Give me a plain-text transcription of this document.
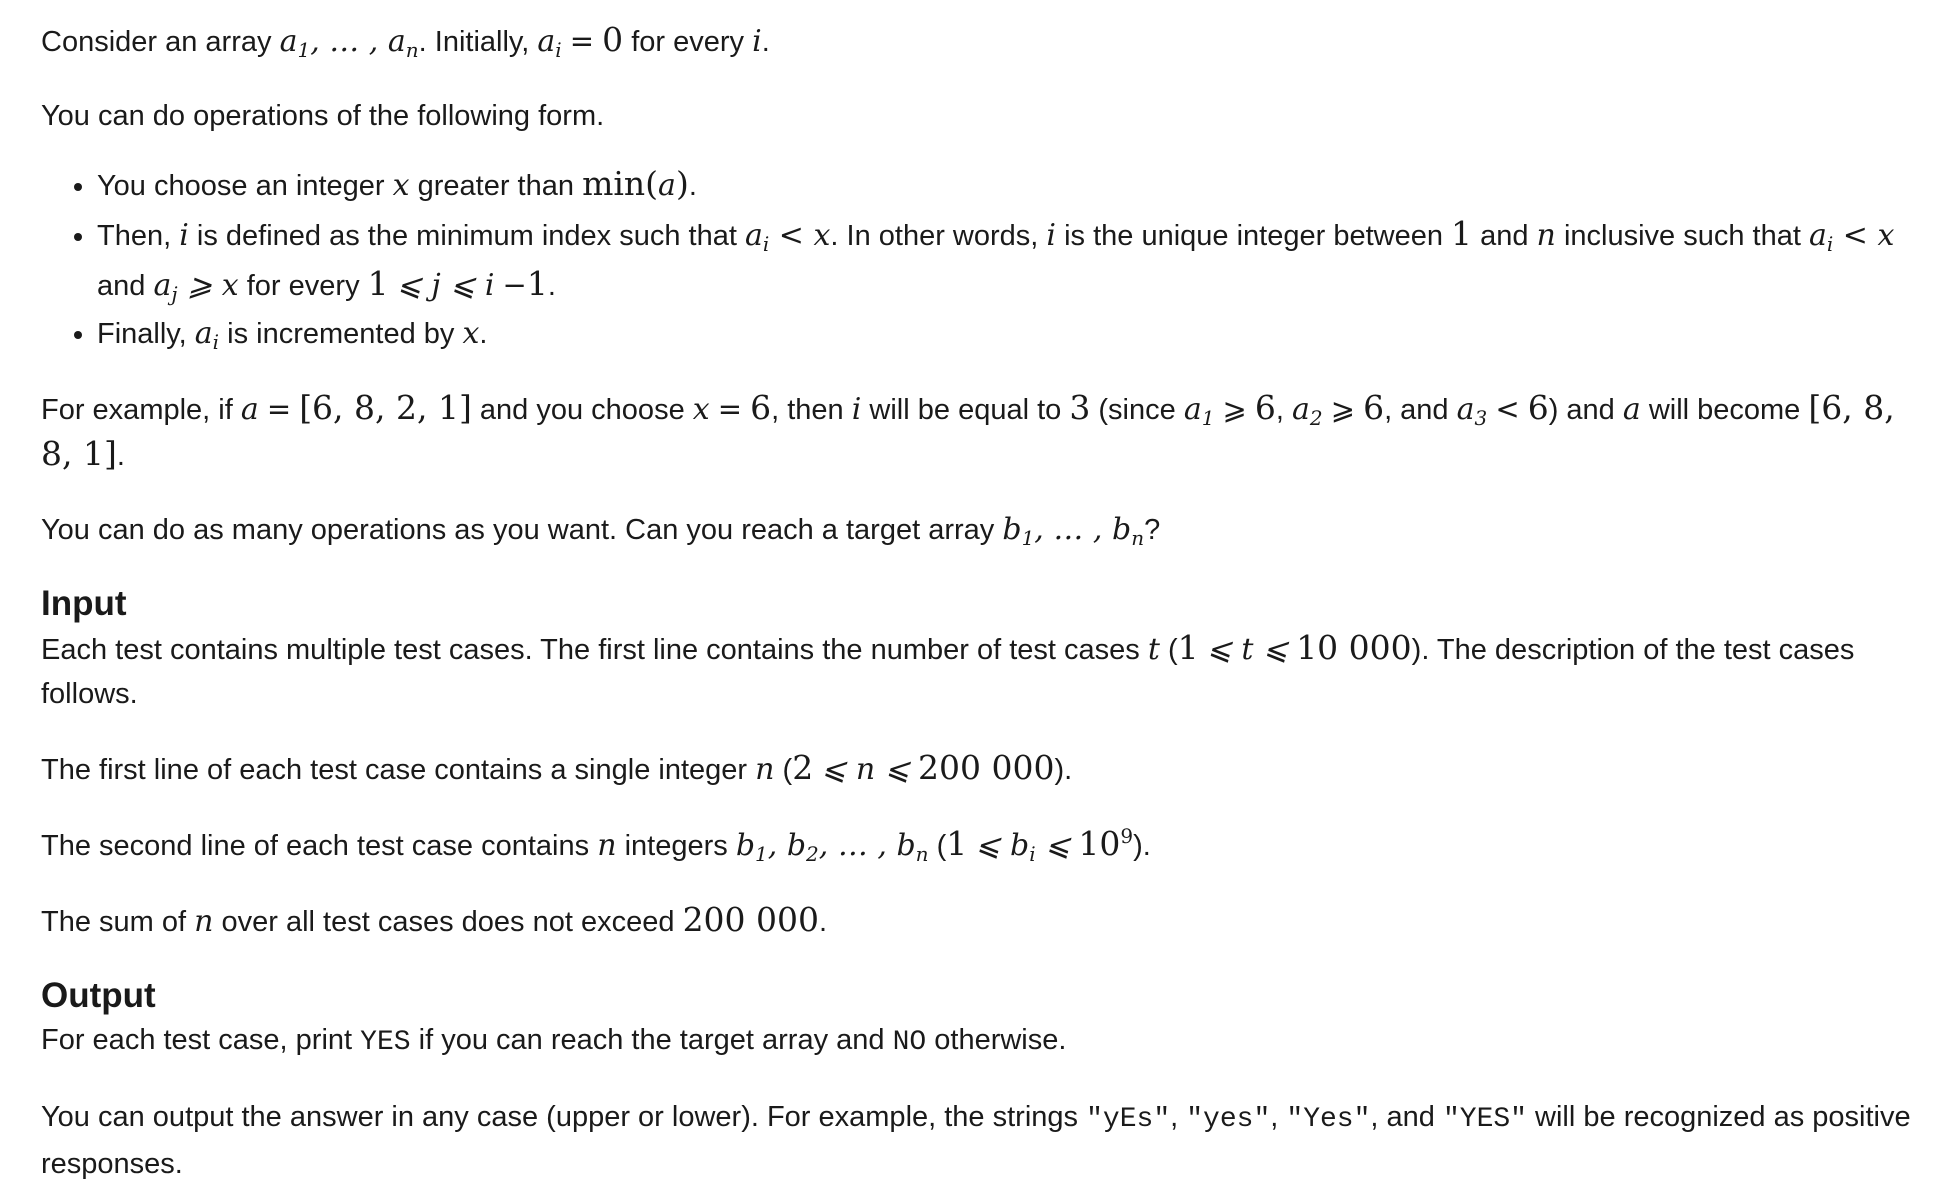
Consider an array $a_1$, … , $a_n$. Initially, $a_i = 0$ for every i.

You can do operations of the following form.

• You choose an integer x greater than min(a).
• Then, i is defined as the minimum index such that $a_i < x$. In other words, i is the unique integer between 1 and n inclusive such that $a_i < x$ and $a_j$ ⩾ x for every 1 ⩽ j ⩽ i −1.
• Finally, $a_i$ is incremented by x.

For example, if a = [6, 8, 2, 1] and you choose x = 6, then i will be equal to 3 (since $a_1$ ⩾ 6, $a_2$ ⩾ 6, and $a_3 < 6$) and a will become [6, 8, 8, 1].

You can do as many operations as you want. Can you reach a target array $b_1$, … , $b_n$?

Input

Each test contains multiple test cases. The first line contains the number of test cases t (1 ⩽ t ⩽ 10 000). The description of the test cases follows.

The first line of each test case contains a single integer n (2 ⩽ n ⩽ 200 000).

The second line of each test case contains n integers $b_1$, $b_2$, … , $b_n$ (1 ⩽ $b_i$ ⩽ $10^9$).

The sum of n over all test cases does not exceed 200 000.

Output

For each test case, print YES if you can reach the target array and NO otherwise.

You can output the answer in any case (upper or lower). For example, the strings "yEs", "yes", "Yes", and "YES" will be recognized as positive responses.
